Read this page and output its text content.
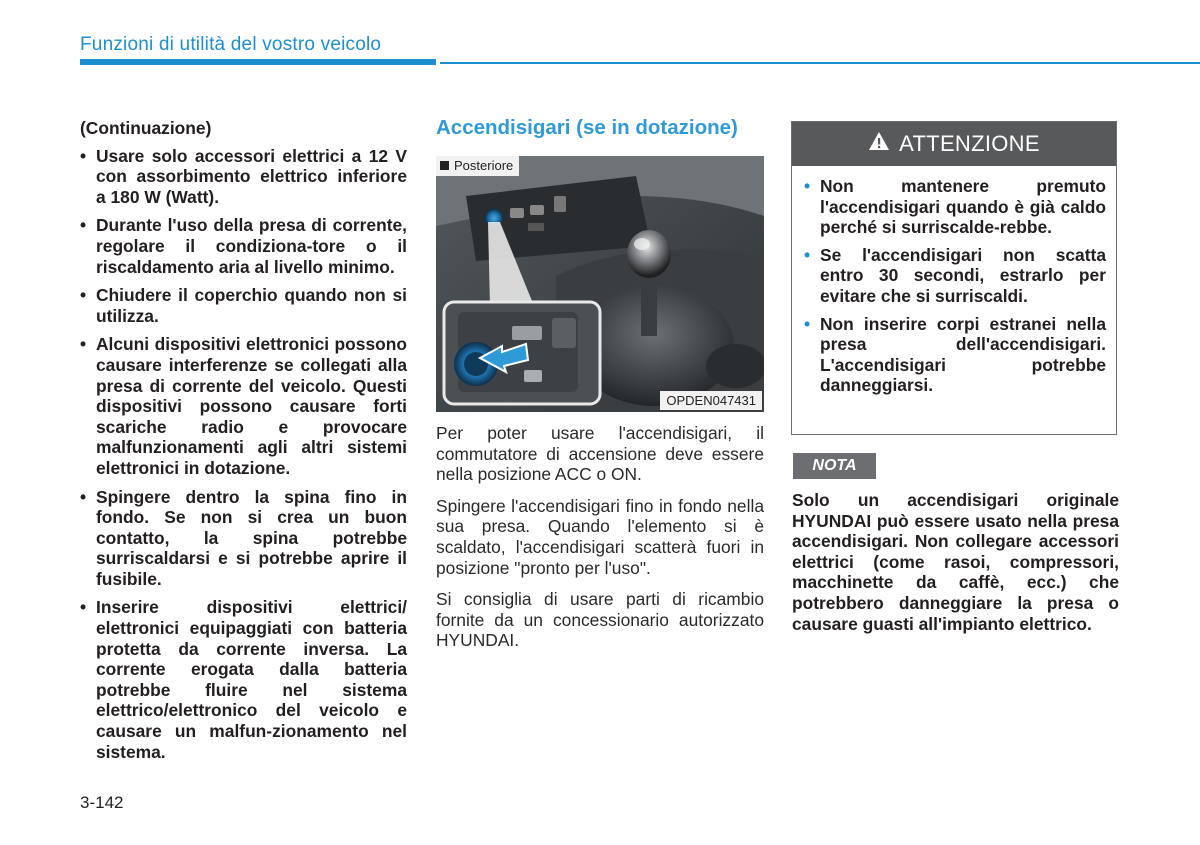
Funzioni di utilità del vostro veicolo
(Continuazione)
• Usare solo accessori elettrici a 12 V con assorbimento elettrico inferiore a 180 W (Watt).
• Durante l'uso della presa di corrente, regolare il condiziona-tore o il riscaldamento aria al livello minimo.
• Chiudere il coperchio quando non si utilizza.
• Alcuni dispositivi elettronici possono causare interferenze se collegati alla presa di corrente del veicolo. Questi dispositivi possono causare forti scariche radio e provocare malfunzionamenti agli altri sistemi elettronici in dotazione.
• Spingere dentro la spina fino in fondo. Se non si crea un buon contatto, la spina potrebbe surriscaldarsi e si potrebbe aprire il fusibile.
• Inserire dispositivi elettrici/ elettronici equipaggiati con batteria protetta da corrente inversa. La corrente erogata dalla batteria potrebbe fluire nel sistema elettrico/elettronico del veicolo e causare un malfun-zionamento nel sistema.
Accendisigari (se in dotazione)
Posteriore
OPDEN047431

Per poter usare l'accendisigari, il commutatore di accensione deve essere nella posizione ACC o ON.

Spingere l'accendisigari fino in fondo nella sua presa. Quando l'elemento si è scaldato, l'accendisigari scatterà fuori in posizione "pronto per l'uso".

Si consiglia di usare parti di ricambio fornite da un concessionario autorizzato HYUNDAI.

ATTENZIONE
• Non mantenere premuto l'accendisigari quando è già caldo perché si surriscalde-rebbe.
• Se l'accendisigari non scatta entro 30 secondi, estrarlo per evitare che si surriscaldi.
• Non inserire corpi estranei nella presa dell'accendisigari. L'accendisigari potrebbe danneggiarsi.
NOTA
Solo un accendisigari originale HYUNDAI può essere usato nella presa accendisigari. Non collegare accessori elettrici (come rasoi, compressori, macchinette da caffè, ecc.) che potrebbero danneggiare la presa o causare guasti all'impianto elettrico.
3-142
